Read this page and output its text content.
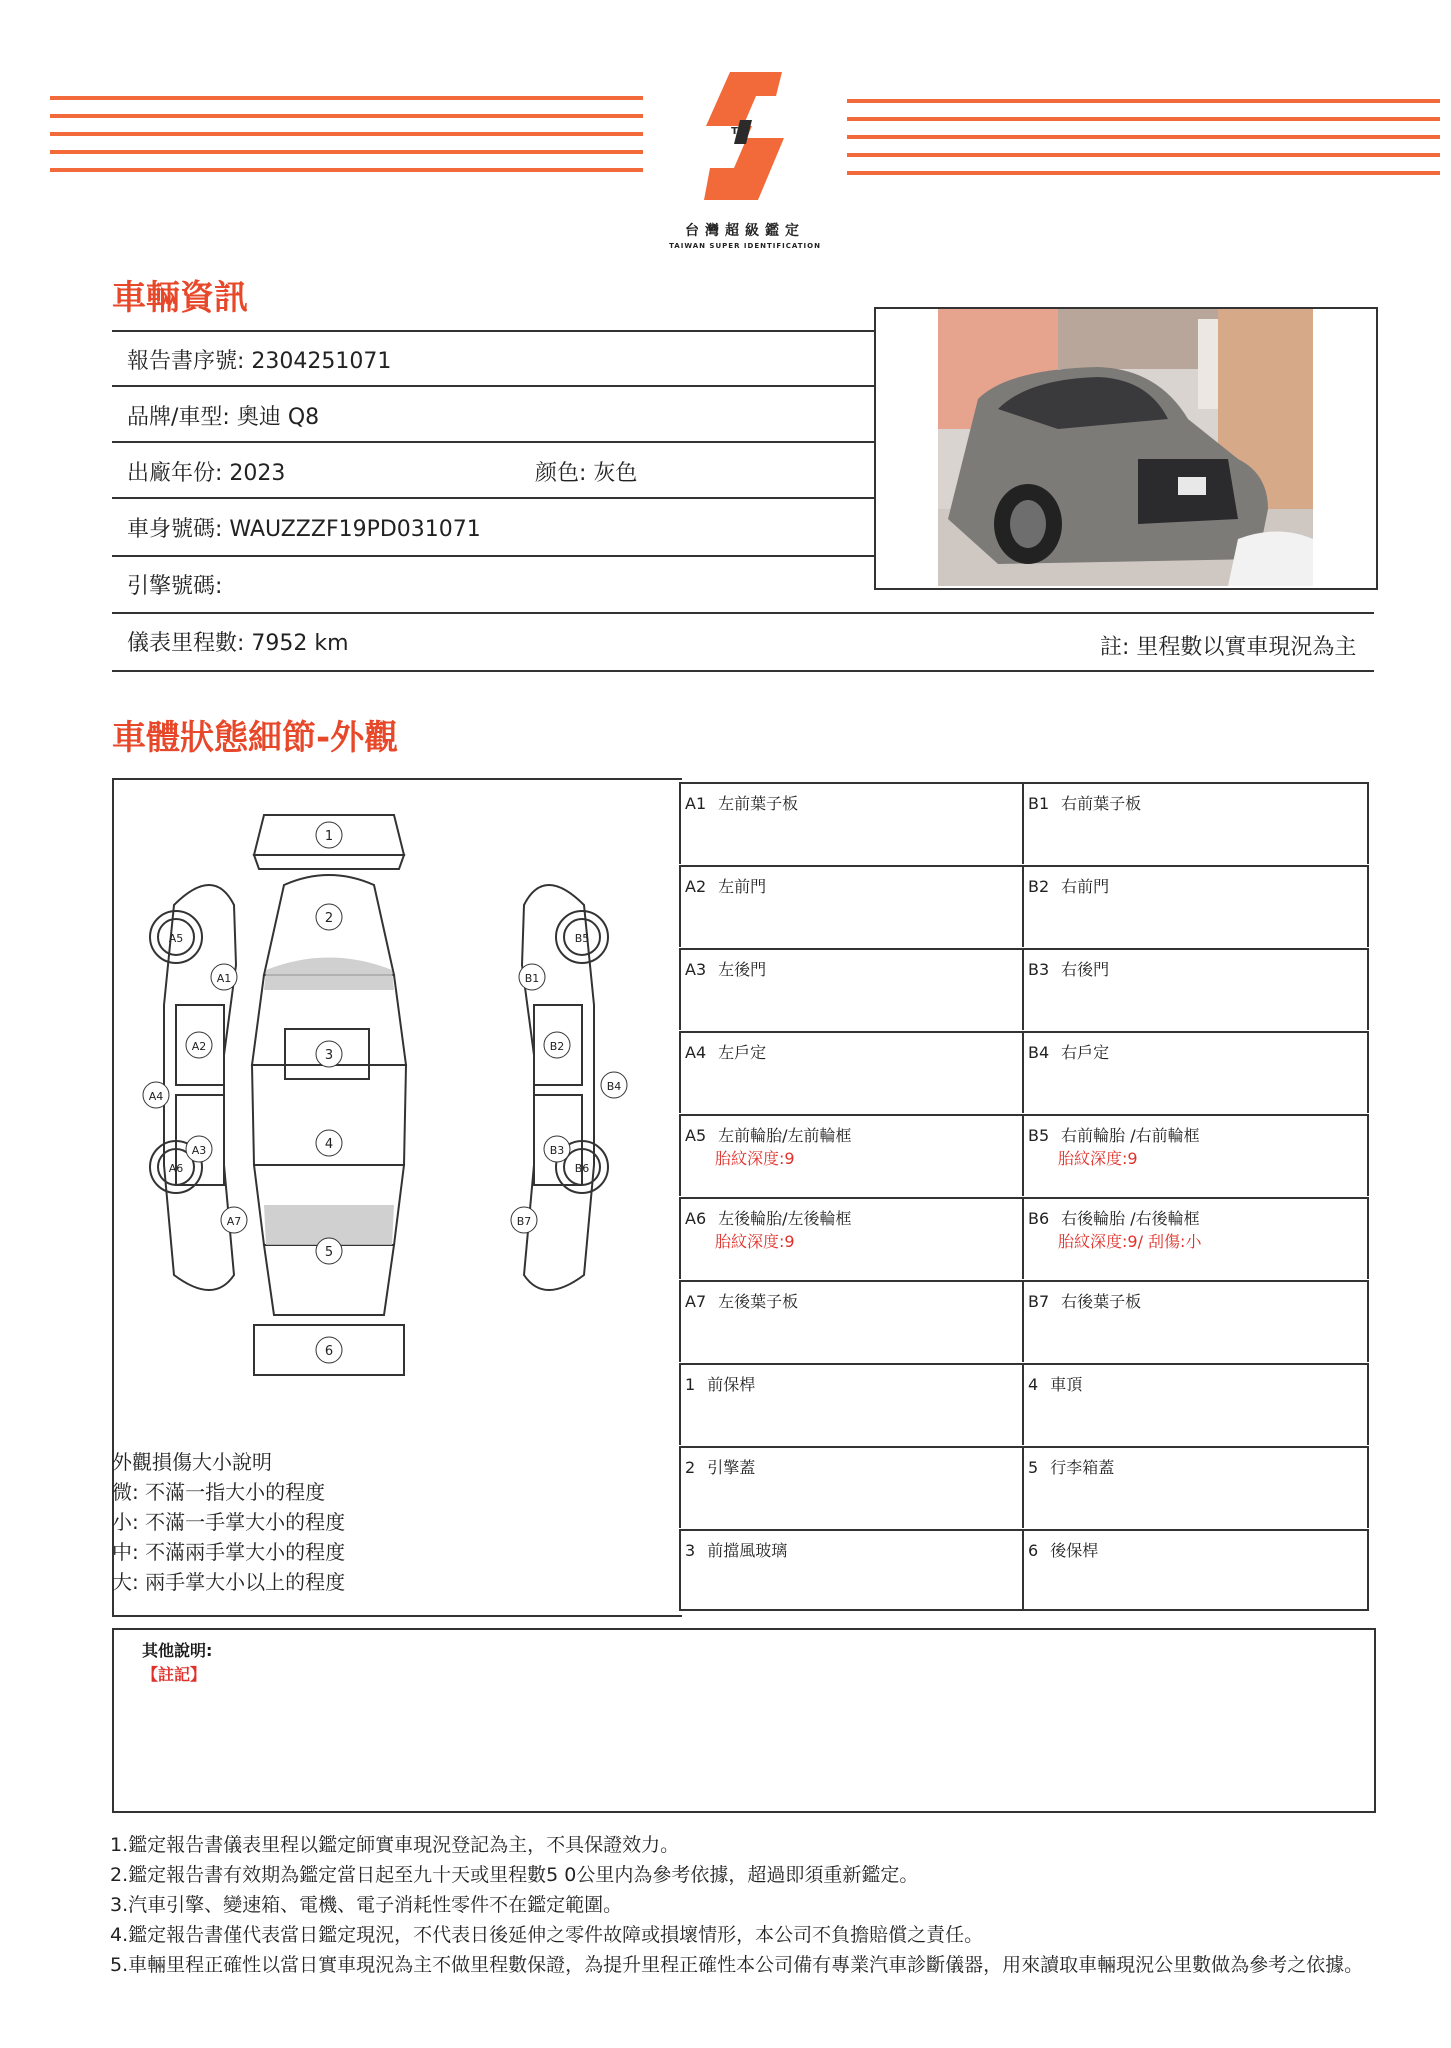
TSI
台灣超級鑑定
TAIWAN SUPER IDENTIFICATION
車輛資訊
報告書序號: 2304251071
品牌/車型: 奧迪 Q8
出廠年份: 2023	颜色: 灰色
車身號碼: WAUZZZF19PD031071
引擎號碼:
儀表里程數: 7952 km	註: 里程數以實車現況為主
車體狀態細節-外觀
1
2
3
4
5
6
A1
A2
A3
A4
A5
A6
A7
B1
B2
B3
B4
B5
B6
B7
A1 左前葉子板
A2 左前門
A3 左後門
A4 左戶定
A5 左前輪胎/左前輪框
胎紋深度:9
A6 左後輪胎/左後輪框
胎紋深度:9
A7 左後葉子板
1 前保桿
2 引擎蓋
3 前擋風玻璃
B1 右前葉子板
B2 右前門
B3 右後門
B4 右戶定
B5 右前輪胎 /右前輪框
胎紋深度:9
B6 右後輪胎 /右後輪框
胎紋深度:9/ 刮傷:小
B7 右後葉子板
4 車頂
5 行李箱蓋
6 後保桿
外觀損傷大小說明
微: 不滿一指大小的程度
小: 不滿一手掌大小的程度
中: 不滿兩手掌大小的程度
大: 兩手掌大小以上的程度
其他說明:
【註記】
1.鑑定報告書儀表里程以鑑定師實車現況登記為主，不具保證效力。
2.鑑定報告書有效期為鑑定當日起至九十天或里程數5 0公里内為參考依據，超過即須重新鑑定。
3.汽車引擎、變速箱、電機、電子消耗性零件不在鑑定範圍。
4.鑑定報告書僅代表當日鑑定現況，不代表日後延伸之零件故障或損壞情形，本公司不負擔賠償之責任。
5.車輛里程正確性以當日實車現況為主不做里程數保證，為提升里程正確性本公司備有專業汽車診斷儀器，用來讀取車輛現況公里數做為參考之依據。
